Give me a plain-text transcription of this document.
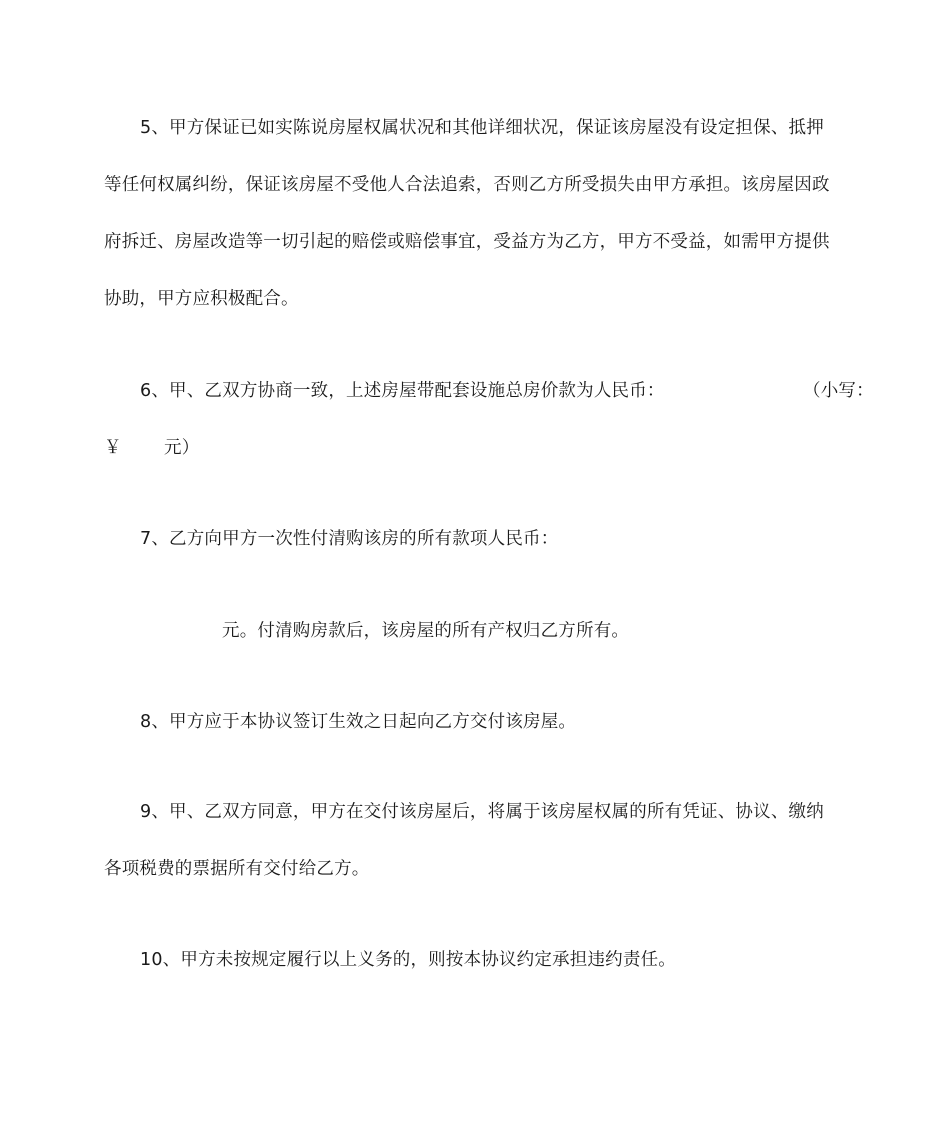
5、甲方保证已如实陈说房屋权属状况和其他详细状况，保证该房屋没有设定担保、抵押
等任何权属纠纷，保证该房屋不受他人合法追索，否则乙方所受损失由甲方承担。该房屋因政
府拆迁、房屋改造等一切引起的赔偿或赔偿事宜，受益方为乙方，甲方不受益，如需甲方提供
协助，甲方应积极配合。
6、甲、乙双方协商一致，上述房屋带配套设施总房价款为人民币：	（小写：
￥ 元）
7、乙方向甲方一次性付清购该房的所有款项人民币：
元。付清购房款后，该房屋的所有产权归乙方所有。
8、甲方应于本协议签订生效之日起向乙方交付该房屋。
9、甲、乙双方同意，甲方在交付该房屋后，将属于该房屋权属的所有凭证、协议、缴纳
各项税费的票据所有交付给乙方。
10、甲方未按规定履行以上义务的，则按本协议约定承担违约责任。
